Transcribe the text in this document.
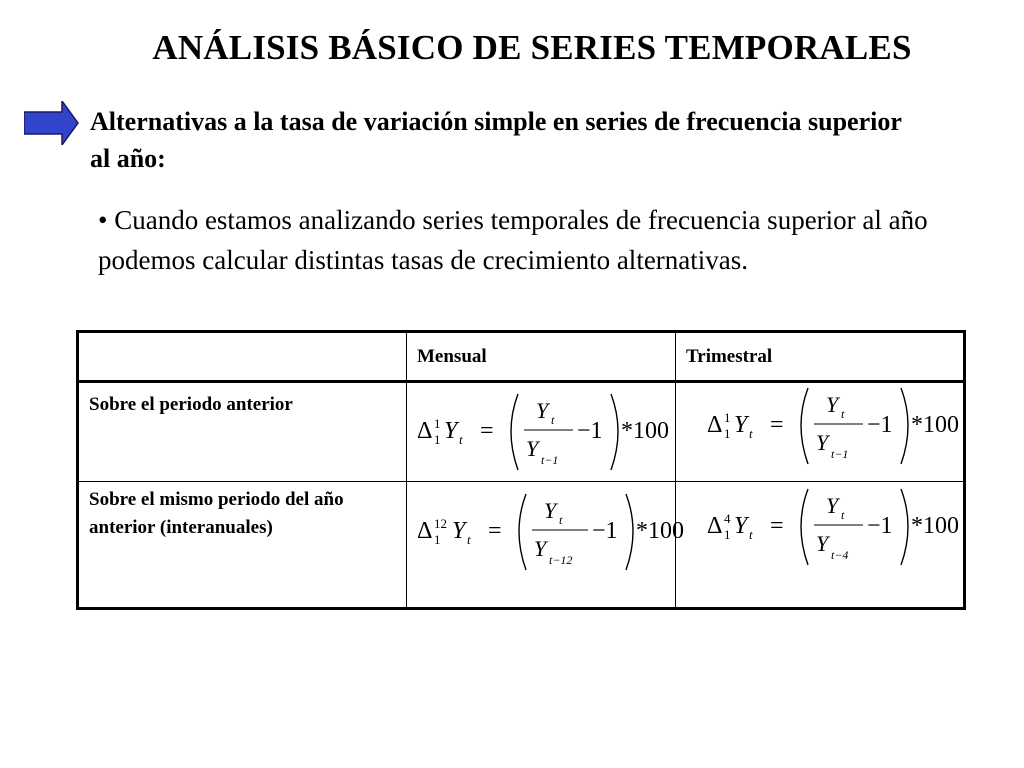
ANÁLISIS BÁSICO DE SERIES TEMPORALES
Alternativas a la tasa de variación simple en series de frecuencia superior al año:
• Cuando estamos analizando series temporales de frecuencia superior al año podemos calcular distintas tasas de crecimiento alternativas.
Mensual	Trimestral
Sobre el periodo anterior
Sobre el mismo periodo del año anterior (interanuales)
Δ 1
1 Y t =
Y t
Y t−1
−1 *100 Δ 1
1 Y t =
Y t
Y t−1
−1 *100
Δ 12
1 Y t =
Y t
Y t−12
−1 *100 Δ 4
1 Y t =
Y t
Y t−4
−1 *100
